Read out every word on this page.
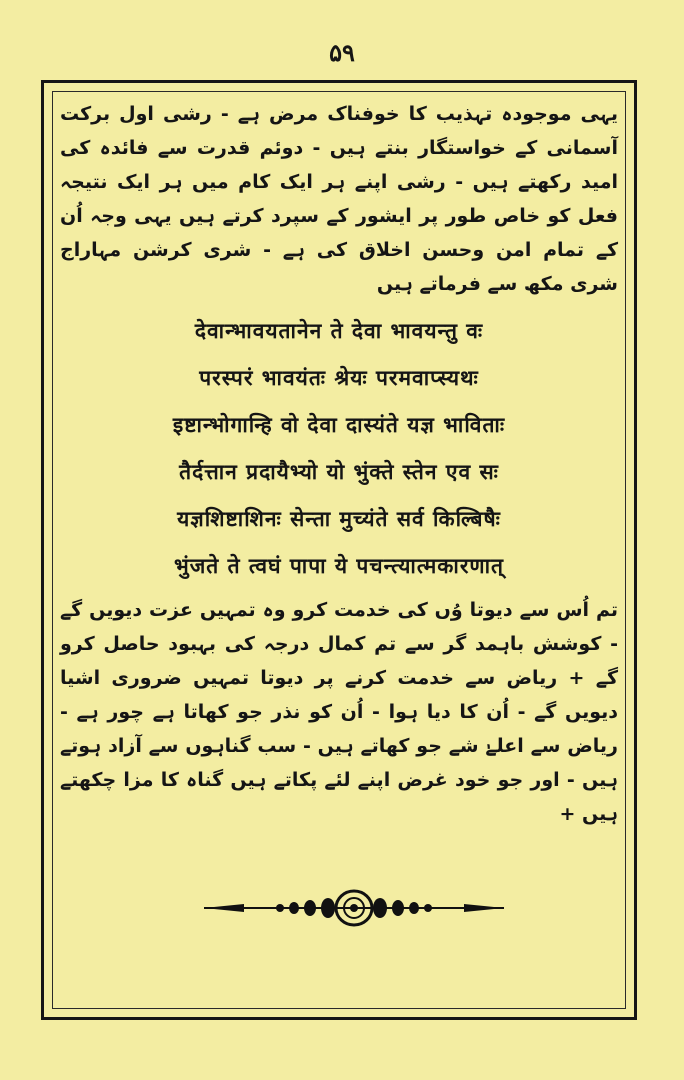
۵۹

یہی موجودہ تہذیب کا خوفناک مرض ہے - رشی اول برکت آسمانی کے خواستگار بنتے ہیں - دوئم قدرت سے فائدہ کی امید رکھتے ہیں - رشی اپنے ہر ایک کام میں ہر ایک نتیجہ فعل کو خاص طور پر ایشور کے سپرد کرتے ہیں یہی وجہ اُن کے تمام امن وحسن اخلاق کی ہے - شری کرشن مہاراج شری مکھ سے فرماتے ہیں

देवान्भावयतानेन ते देवा भावयन्तु वः
परस्परं भावयंतः श्रेयः परमवाप्स्यथः
इष्टान्भोगान्हि वो देवा दास्यंते यज्ञ भाविताः
तैर्दत्तान प्रदायैभ्यो यो भुंक्ते स्तेन एव सः
यज्ञशिष्टाशिनः सेन्ता मुच्यंते सर्व किल्बिषैः
भुंजते ते त्वघं पापा ये पचन्त्यात्मकारणात्

تم اُس سے دیوتا وُں کی خدمت کرو وہ تمہیں عزت دیویں گے - کوشش باہمد گر سے تم کمال درجہ کی بہبود حاصل کرو گے + ریاض سے خدمت کرنے پر دیوتا تمہیں ضروری اشیا دیویں گے - اُن کا دیا ہوا - اُن کو نذر جو کھاتا ہے چور ہے - ریاض سے اعلےٰ شے جو کھاتے ہیں - سب گناہوں سے آزاد ہوتے ہیں - اور جو خود غرض اپنے لئے پکاتے ہیں گناہ کا مزا چکھتے ہیں +
